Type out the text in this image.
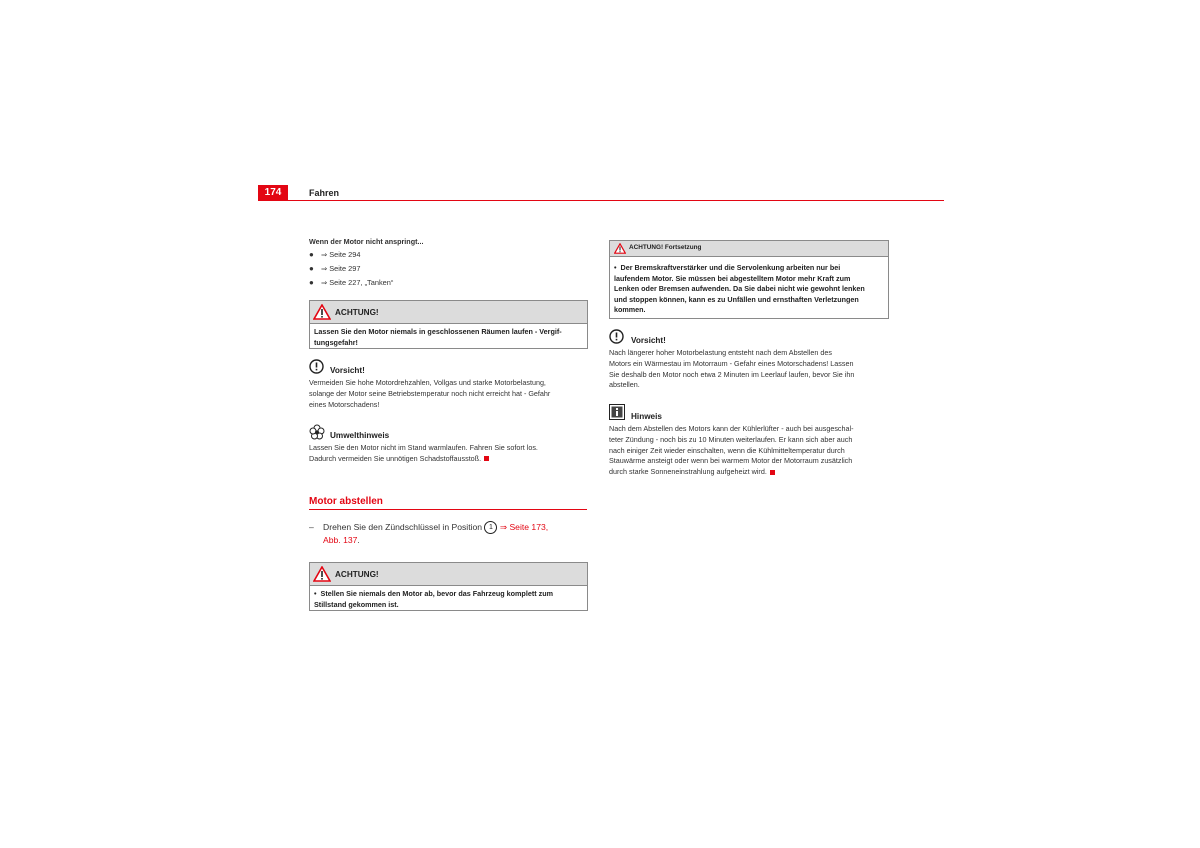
174	Fahren
Wenn der Motor nicht anspringt...
● ⇒ Seite 294
● ⇒ Seite 297
● ⇒ Seite 227, „Tanken“
ACHTUNG!
Lassen Sie den Motor niemals in geschlossenen Räumen laufen - Vergif-
tungsgefahr!
Vorsicht!
Vermeiden Sie hohe Motordrehzahlen, Vollgas und starke Motorbelastung,
solange der Motor seine Betriebstemperatur noch nicht erreicht hat - Gefahr
eines Motorschadens!
Umwelthinweis
Lassen Sie den Motor nicht im Stand warmlaufen. Fahren Sie sofort los.
Dadurch vermeiden Sie unnötigen Schadstoffausstoß.
Motor abstellen
–	Drehen Sie den Zündschlüssel in Position 1 ⇒ Seite 173,
Abb. 137.
ACHTUNG!
• Stellen Sie niemals den Motor ab, bevor das Fahrzeug komplett zum
Stillstand gekommen ist.
ACHTUNG! Fortsetzung
• Der Bremskraftverstärker und die Servolenkung arbeiten nur bei
laufendem Motor. Sie müssen bei abgestelltem Motor mehr Kraft zum
Lenken oder Bremsen aufwenden. Da Sie dabei nicht wie gewohnt lenken
und stoppen können, kann es zu Unfällen und ernsthaften Verletzungen
kommen.
Vorsicht!
Nach längerer hoher Motorbelastung entsteht nach dem Abstellen des
Motors ein Wärmestau im Motorraum - Gefahr eines Motorschadens! Lassen
Sie deshalb den Motor noch etwa 2 Minuten im Leerlauf laufen, bevor Sie ihn
abstellen.
Hinweis
Nach dem Abstellen des Motors kann der Kühlerlüfter - auch bei ausgeschal-
teter Zündung - noch bis zu 10 Minuten weiterlaufen. Er kann sich aber auch
nach einiger Zeit wieder einschalten, wenn die Kühlmitteltemperatur durch
Stauwärme ansteigt oder wenn bei warmem Motor der Motorraum zusätzlich
durch starke Sonneneinstrahlung aufgeheizt wird.
